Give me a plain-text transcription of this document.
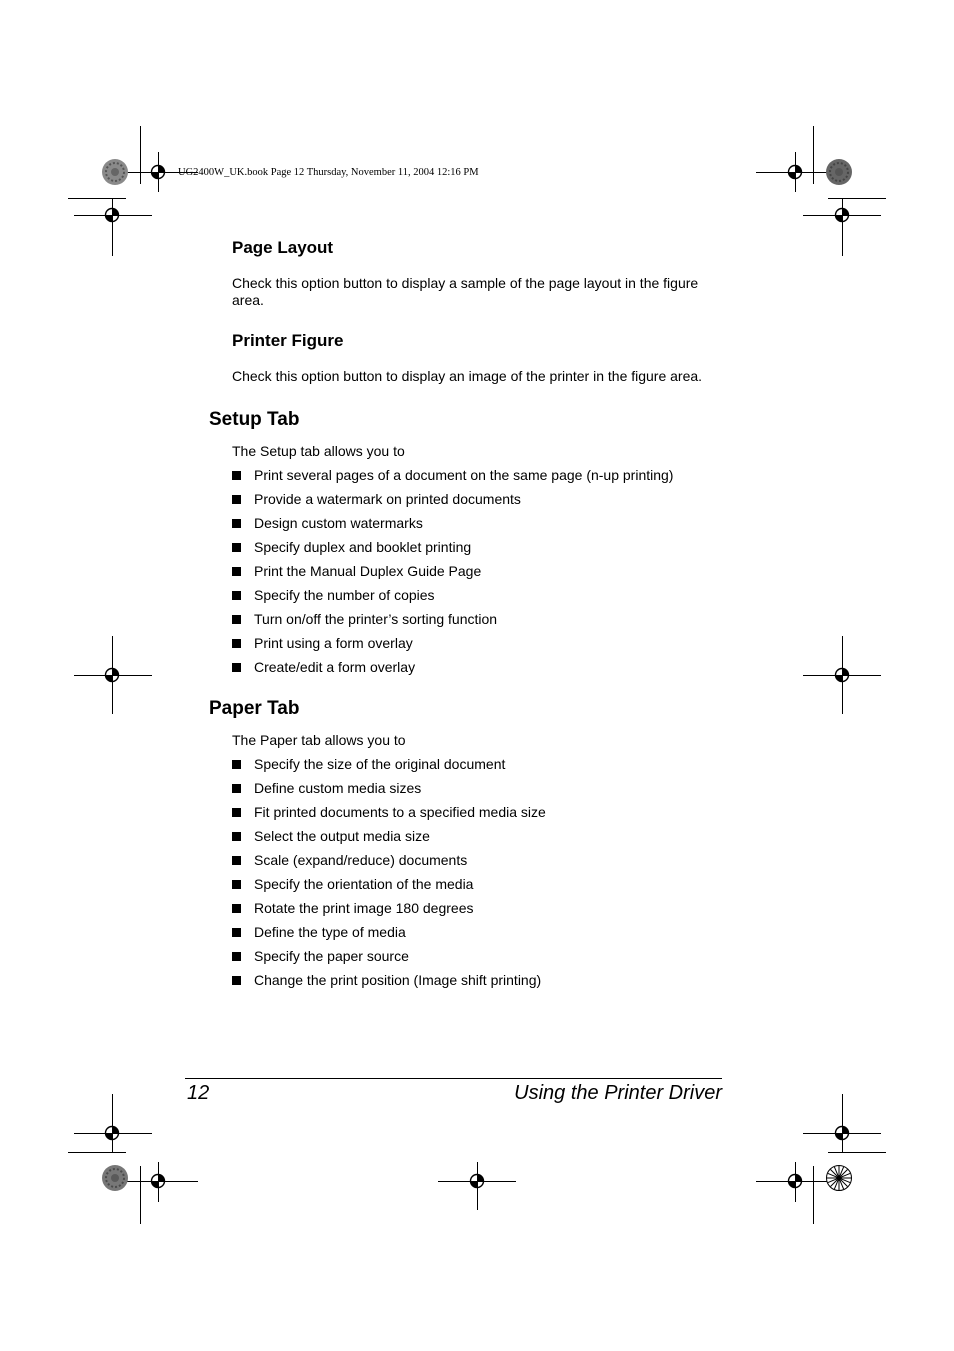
UG2400W_UK.book Page 12 Thursday, November 11, 2004 12:16 PM
Page Layout
Check this option button to display a sample of the page layout in the figure area.
Printer Figure
Check this option button to display an image of the printer in the figure area.
Setup Tab
The Setup tab allows you to
Print several pages of a document on the same page (n-up printing)
Provide a watermark on printed documents
Design custom watermarks
Specify duplex and booklet printing
Print the Manual Duplex Guide Page
Specify the number of copies
Turn on/off the printer’s sorting function
Print using a form overlay
Create/edit a form overlay
Paper Tab
The Paper tab allows you to
Specify the size of the original document
Define custom media sizes
Fit printed documents to a specified media size
Select the output media size
Scale (expand/reduce) documents
Specify the orientation of the media
Rotate the print image 180 degrees
Define the type of media
Specify the paper source
Change the print position (Image shift printing)
12	Using the Printer Driver
